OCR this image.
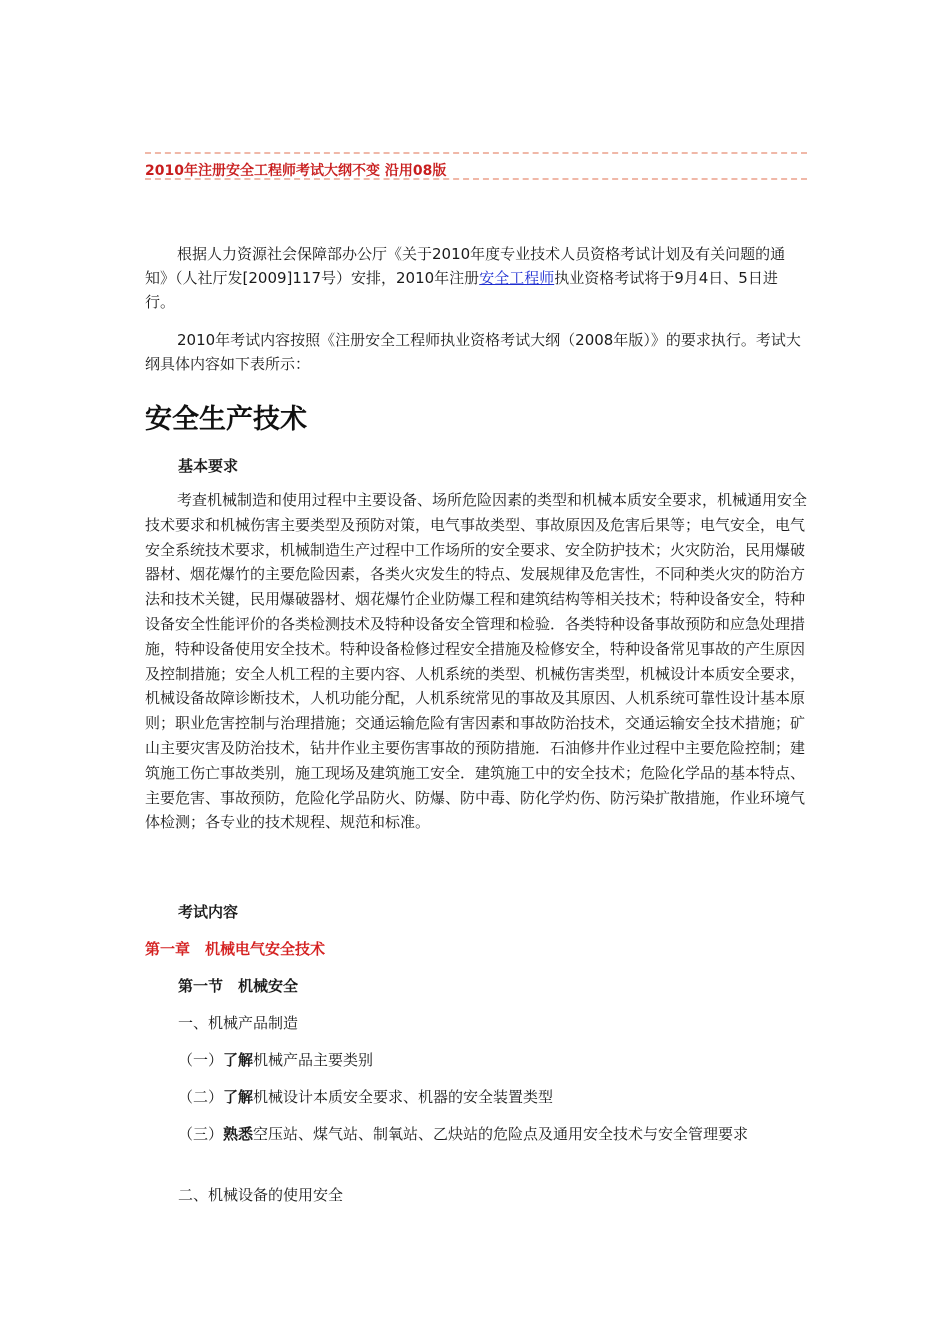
2010年注册安全工程师考试大纲不变 沿用08版

根据人力资源社会保障部办公厅《关于2010年度专业技术人员资格考试计划及有关问题的通知》（人社厅发[2009]117号）安排，2010年注册安全工程师执业资格考试将于9月4日、5日进行。

2010年考试内容按照《注册安全工程师执业资格考试大纲（2008年版）》的要求执行。考试大纲具体内容如下表所示：

安全生产技术
基本要求

考查机械制造和使用过程中主要设备、场所危险因素的类型和机械本质安全要求，机械通用安全技术要求和机械伤害主要类型及预防对策，电气事故类型、事故原因及危害后果等；电气安全，电气安全系统技术要求，机械制造生产过程中工作场所的安全要求、安全防护技术；火灾防治，民用爆破器材、烟花爆竹的主要危险因素，各类火灾发生的特点、发展规律及危害性，不同种类火灾的防治方法和技术关键，民用爆破器材、烟花爆竹企业防爆工程和建筑结构等相关技术；特种设备安全，特种设备安全性能评价的各类检测技术及特种设备安全管理和检验．各类特种设备事故预防和应急处理措施，特种设备使用安全技术。特种设备检修过程安全措施及检修安全，特种设备常见事故的产生原因及控制措施；安全人机工程的主要内容、人机系统的类型、机械伤害类型，机械设计本质安全要求，机械设备故障诊断技术，人机功能分配，人机系统常见的事故及其原因、人机系统可靠性设计基本原则；职业危害控制与治理措施；交通运输危险有害因素和事故防治技术，交通运输安全技术措施；矿山主要灾害及防治技术，钻井作业主要伤害事故的预防措施．石油修井作业过程中主要危险控制；建筑施工伤亡事故类别，施工现场及建筑施工安全．建筑施工中的安全技术；危险化学品的基本特点、主要危害、事故预防，危险化学品防火、防爆、防中毒、防化学灼伤、防污染扩散措施，作业环境气体检测；各专业的技术规程、规范和标准。

考试内容
第一章　机械电气安全技术
第一节　机械安全
一、机械产品制造
（一）了解机械产品主要类别
（二）了解机械设计本质安全要求、机器的安全装置类型
（三）熟悉空压站、煤气站、制氧站、乙炔站的危险点及通用安全技术与安全管理要求
二、机械设备的使用安全
